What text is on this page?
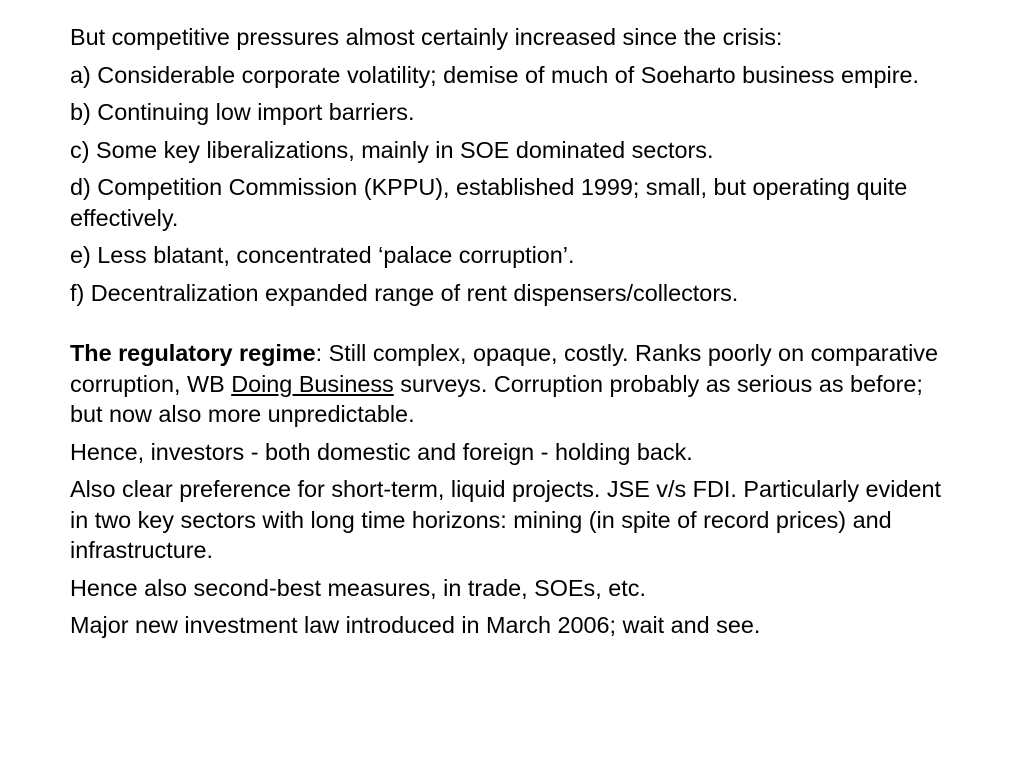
But competitive pressures almost certainly increased since the crisis:

a) Considerable corporate volatility; demise of much of Soeharto business empire.

b) Continuing low import barriers.

c) Some key liberalizations, mainly in SOE dominated sectors.

d) Competition Commission (KPPU), established 1999; small, but operating quite effectively.

e) Less blatant, concentrated ‘palace corruption’.

f) Decentralization expanded range of rent dispensers/collectors.

The regulatory regime: Still complex, opaque, costly. Ranks poorly on comparative corruption, WB Doing Business surveys. Corruption probably as serious as before; but now also more unpredictable.

Hence, investors - both domestic and foreign - holding back.

Also clear preference for short-term, liquid projects. JSE v/s FDI. Particularly evident in two key sectors with long time horizons: mining (in spite of record prices) and infrastructure.

Hence also second-best measures, in trade, SOEs, etc.

Major new investment law introduced in March 2006; wait and see.
